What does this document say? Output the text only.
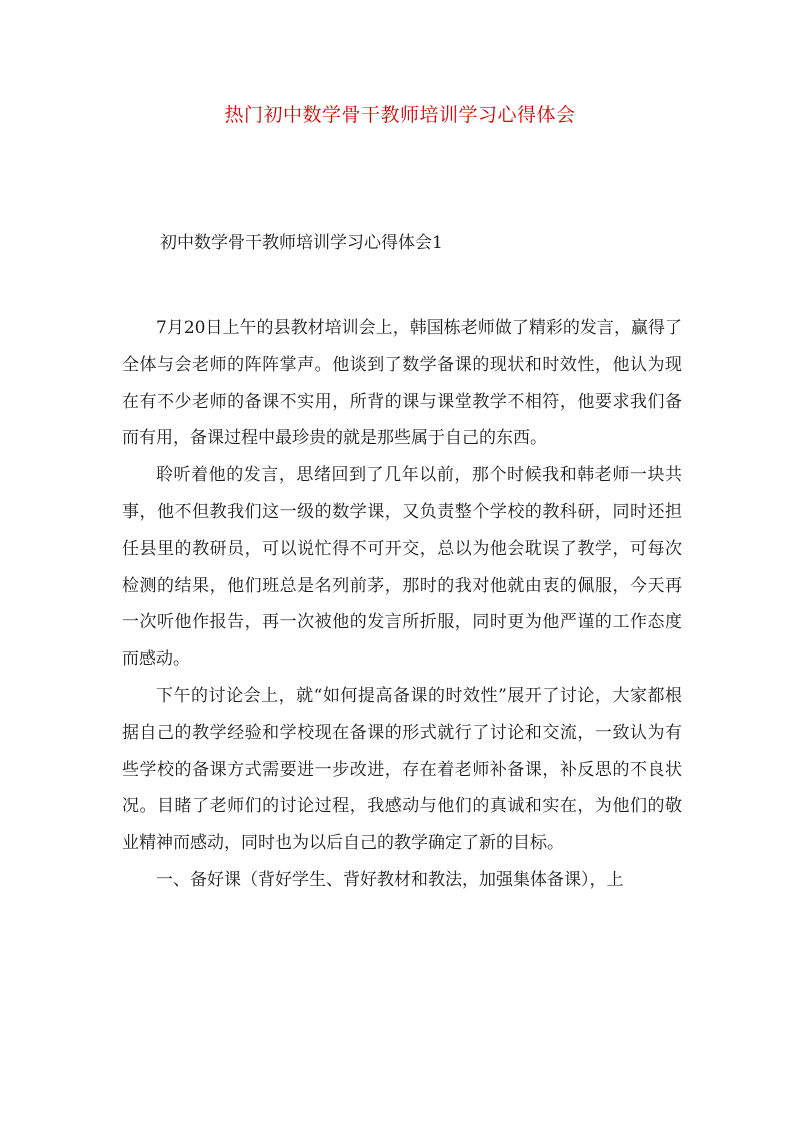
热门初中数学骨干教师培训学习心得体会
初中数学骨干教师培训学习心得体会1

7月20日上午的县教材培训会上，韩国栋老师做了精彩的发言，赢得了全体与会老师的阵阵掌声。他谈到了数学备课的现状和时效性，他认为现在有不少老师的备课不实用，所背的课与课堂教学不相符，他要求我们备而有用，备课过程中最珍贵的就是那些属于自己的东西。

聆听着他的发言，思绪回到了几年以前，那个时候我和韩老师一块共事，他不但教我们这一级的数学课，又负责整个学校的教科研，同时还担任县里的教研员，可以说忙得不可开交，总以为他会耽误了教学，可每次检测的结果，他们班总是名列前茅，那时的我对他就由衷的佩服，今天再一次听他作报告，再一次被他的发言所折服，同时更为他严谨的工作态度而感动。

下午的讨论会上，就“如何提高备课的时效性”展开了讨论，大家都根据自己的教学经验和学校现在备课的形式就行了讨论和交流，一致认为有些学校的备课方式需要进一步改进，存在着老师补备课，补反思的不良状况。目睹了老师们的讨论过程，我感动与他们的真诚和实在，为他们的敬业精神而感动，同时也为以后自己的教学确定了新的目标。

一、备好课（背好学生、背好教材和教法，加强集体备课），上
